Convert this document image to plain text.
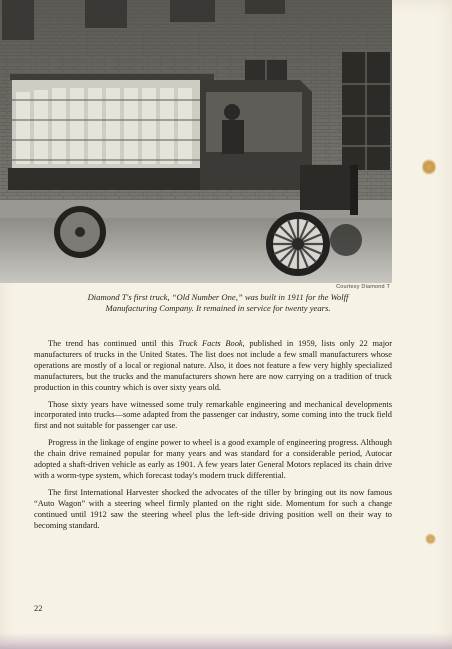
Courtesy Diamond T

Diamond T's first truck, “Old Number One,” was built in 1911 for the Wolff
Manufacturing Company. It remained in service for twenty years.

The trend has continued until this Truck Facts Book, published in 1959, lists only 22 major manufacturers of trucks in the United States. The list does not include a few small manufacturers whose operations are mostly of a local or regional nature. Also, it does not feature a few very highly specialized manufacturers, but the trucks and the manufacturers shown here are now carrying on a tradition of truck production in this country which is over sixty years old.

Those sixty years have witnessed some truly remarkable engineering and mechanical developments incorporated into trucks—some adapted from the passenger car industry, some coming into the truck field first and not suitable for passenger car use.

Progress in the linkage of engine power to wheel is a good example of engineering progress. Although the chain drive remained popular for many years and was standard for a considerable period, Autocar adopted a shaft-driven vehicle as early as 1901. A few years later General Motors replaced its chain drive with a worm-type system, which forecast today's modern truck differential.

The first International Harvester shocked the advocates of the tiller by bringing out its now famous “Auto Wagon” with a steering wheel firmly planted on the right side. Momentum for such a change continued until 1912 saw the steering wheel plus the left-side driving position well on their way to becoming standard.

22
